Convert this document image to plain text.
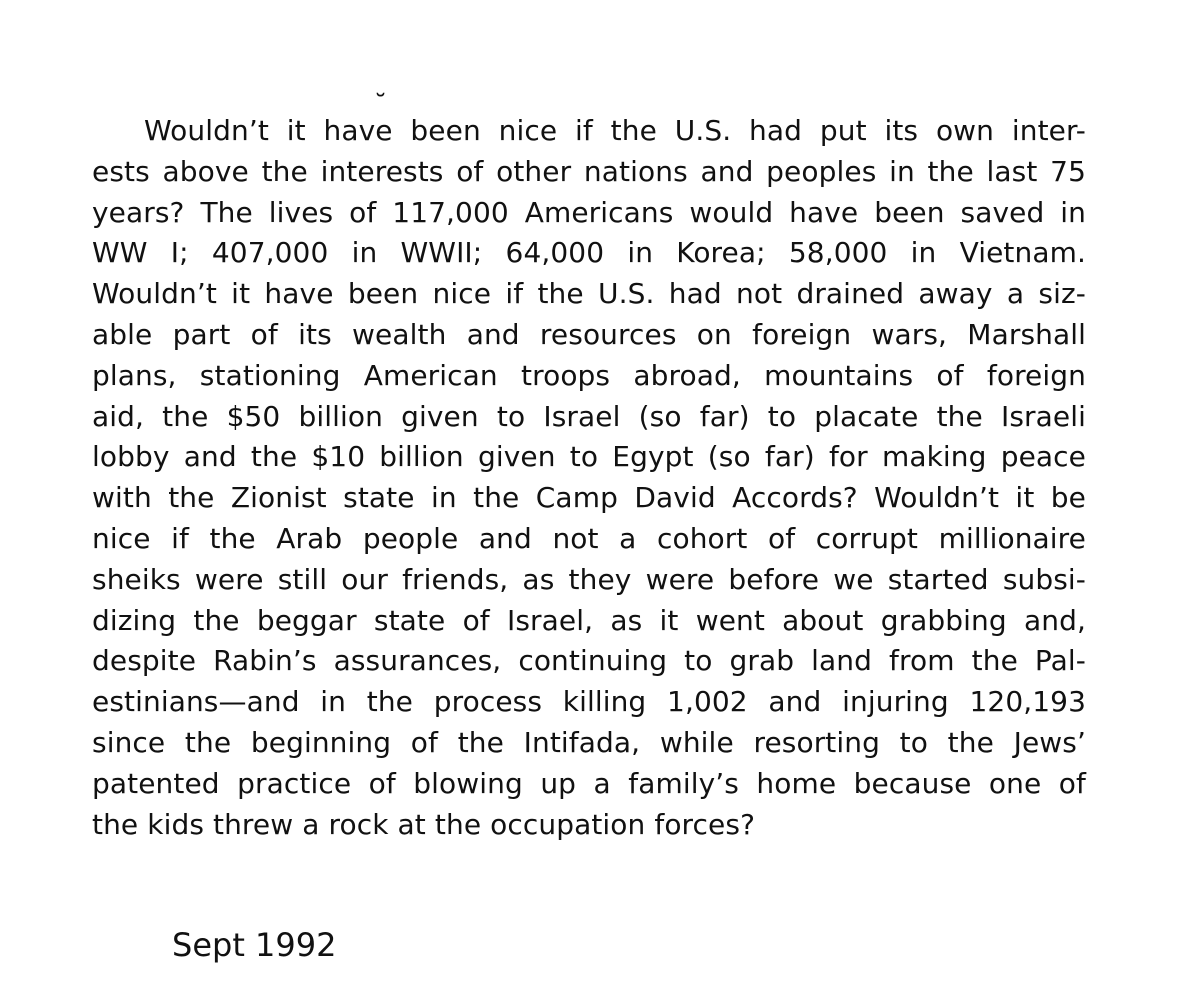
˘
Wouldn’t it have been nice if the U.S. had put its own inter-
ests above the interests of other nations and peoples in the last 75
years? The lives of 117,000 Americans would have been saved in
WW I; 407,000 in WWII; 64,000 in Korea; 58,000 in Vietnam.
Wouldn’t it have been nice if the U.S. had not drained away a siz-
able part of its wealth and resources on foreign wars, Marshall
plans, stationing American troops abroad, mountains of foreign
aid, the $50 billion given to Israel (so far) to placate the Israeli
lobby and the $10 billion given to Egypt (so far) for making peace
with the Zionist state in the Camp David Accords? Wouldn’t it be
nice if the Arab people and not a cohort of corrupt millionaire
sheiks were still our friends, as they were before we started subsi-
dizing the beggar state of Israel, as it went about grabbing and,
despite Rabin’s assurances, continuing to grab land from the Pal-
estinians—and in the process killing 1,002 and injuring 120,193
since the beginning of the Intifada, while resorting to the Jews’
patented practice of blowing up a family’s home because one of
the kids threw a rock at the occupation forces?
Sept 1992
